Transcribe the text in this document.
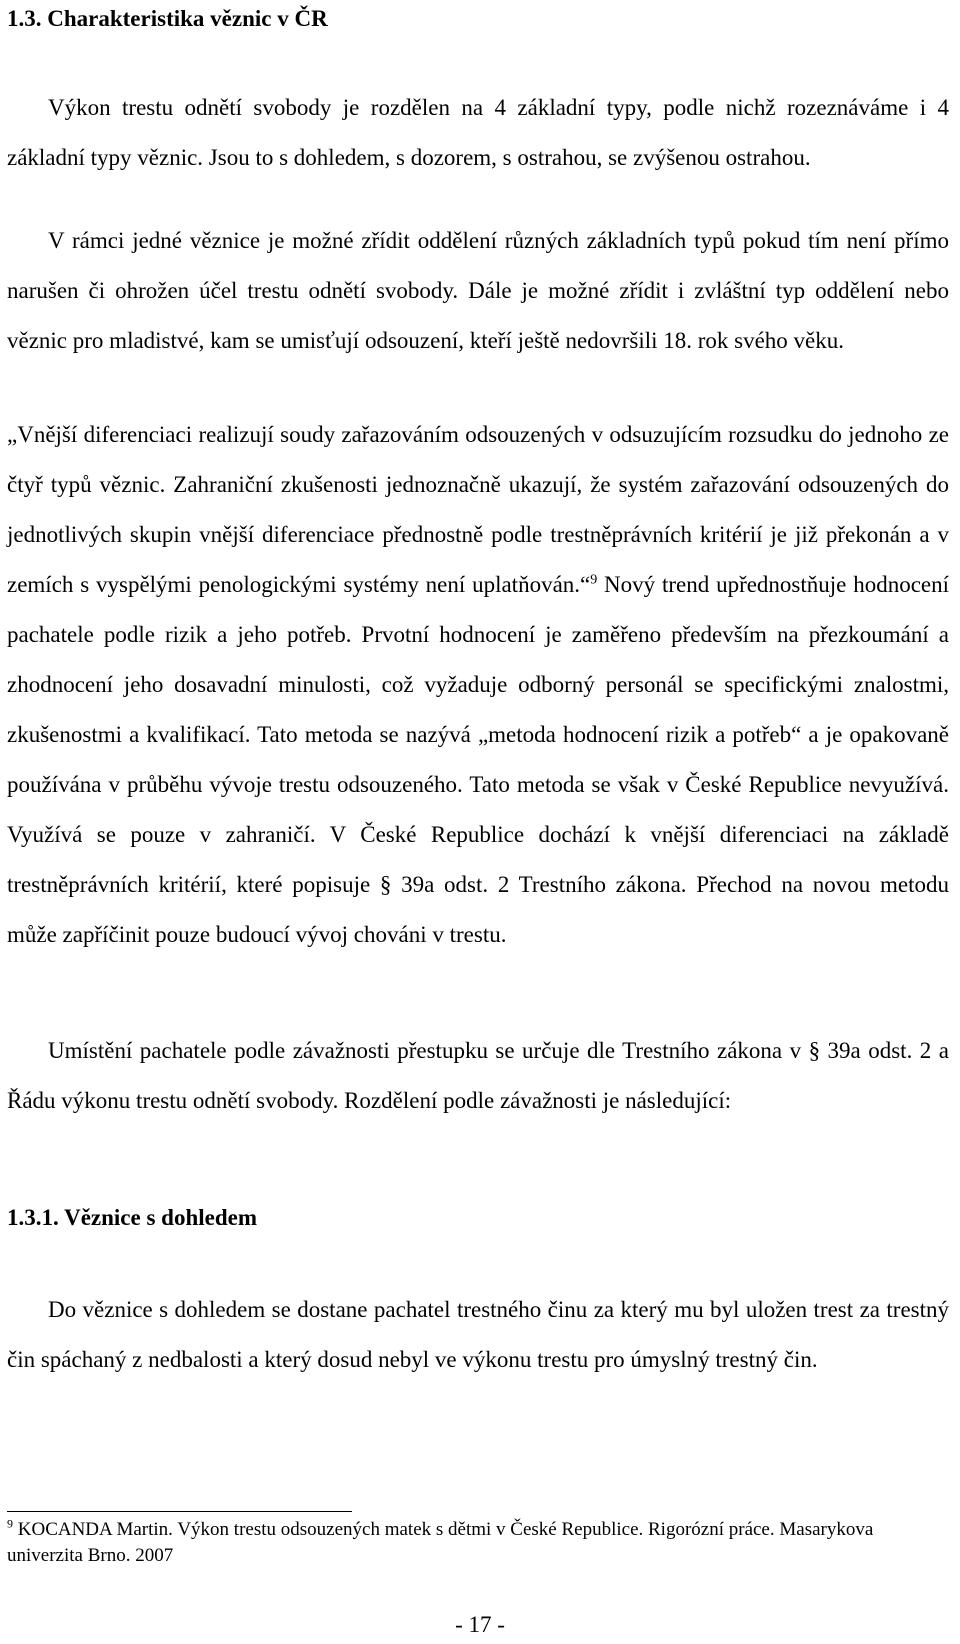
1.3. Charakteristika věznic v ČR

Výkon trestu odnětí svobody je rozdělen na 4 základní typy, podle nichž rozeznáváme i 4 základní typy věznic. Jsou to s dohledem, s dozorem, s ostrahou, se zvýšenou ostrahou.

V rámci jedné věznice je možné zřídit oddělení různých základních typů pokud tím není přímo narušen či ohrožen účel trestu odnětí svobody. Dále je možné zřídit i zvláštní typ oddělení nebo věznic pro mladistvé, kam se umisťují odsouzení, kteří ještě nedovršili 18. rok svého věku.

„Vnější diferenciaci realizují soudy zařazováním odsouzených v odsuzujícím rozsudku do jednoho ze čtyř typů věznic. Zahraniční zkušenosti jednoznačně ukazují, že systém zařazování odsouzených do jednotlivých skupin vnější diferenciace přednostně podle trestněprávních kritérií je již překonán a v zemích s vyspělými penologickými systémy není uplatňován.“$^9$ Nový trend upřednostňuje hodnocení pachatele podle rizik a jeho potřeb. Prvotní hodnocení je zaměřeno především na přezkoumání a zhodnocení jeho dosavadní minulosti, což vyžaduje odborný personál se specifickými znalostmi, zkušenostmi a kvalifikací. Tato metoda se nazývá „metoda hodnocení rizik a potřeb“ a je opakovaně používána v průběhu vývoje trestu odsouzeného. Tato metoda se však v České Republice nevyužívá. Využívá se pouze v zahraničí. V České Republice dochází k vnější diferenciaci na základě trestněprávních kritérií, které popisuje § 39a odst. 2 Trestního zákona. Přechod na novou metodu může zapříčinit pouze budoucí vývoj chováni v trestu.

Umístění pachatele podle závažnosti přestupku se určuje dle Trestního zákona v § 39a odst. 2 a Řádu výkonu trestu odnětí svobody. Rozdělení podle závažnosti je následující:

1.3.1. Věznice s dohledem

Do věznice s dohledem se dostane pachatel trestného činu za který mu byl uložen trest za trestný čin spáchaný z nedbalosti a který dosud nebyl ve výkonu trestu pro úmyslný trestný čin.

$^9$ KOCANDA Martin. Výkon trestu odsouzených matek s dětmi v České Republice. Rigorózní práce. Masarykova univerzita Brno. 2007

- 17 -
